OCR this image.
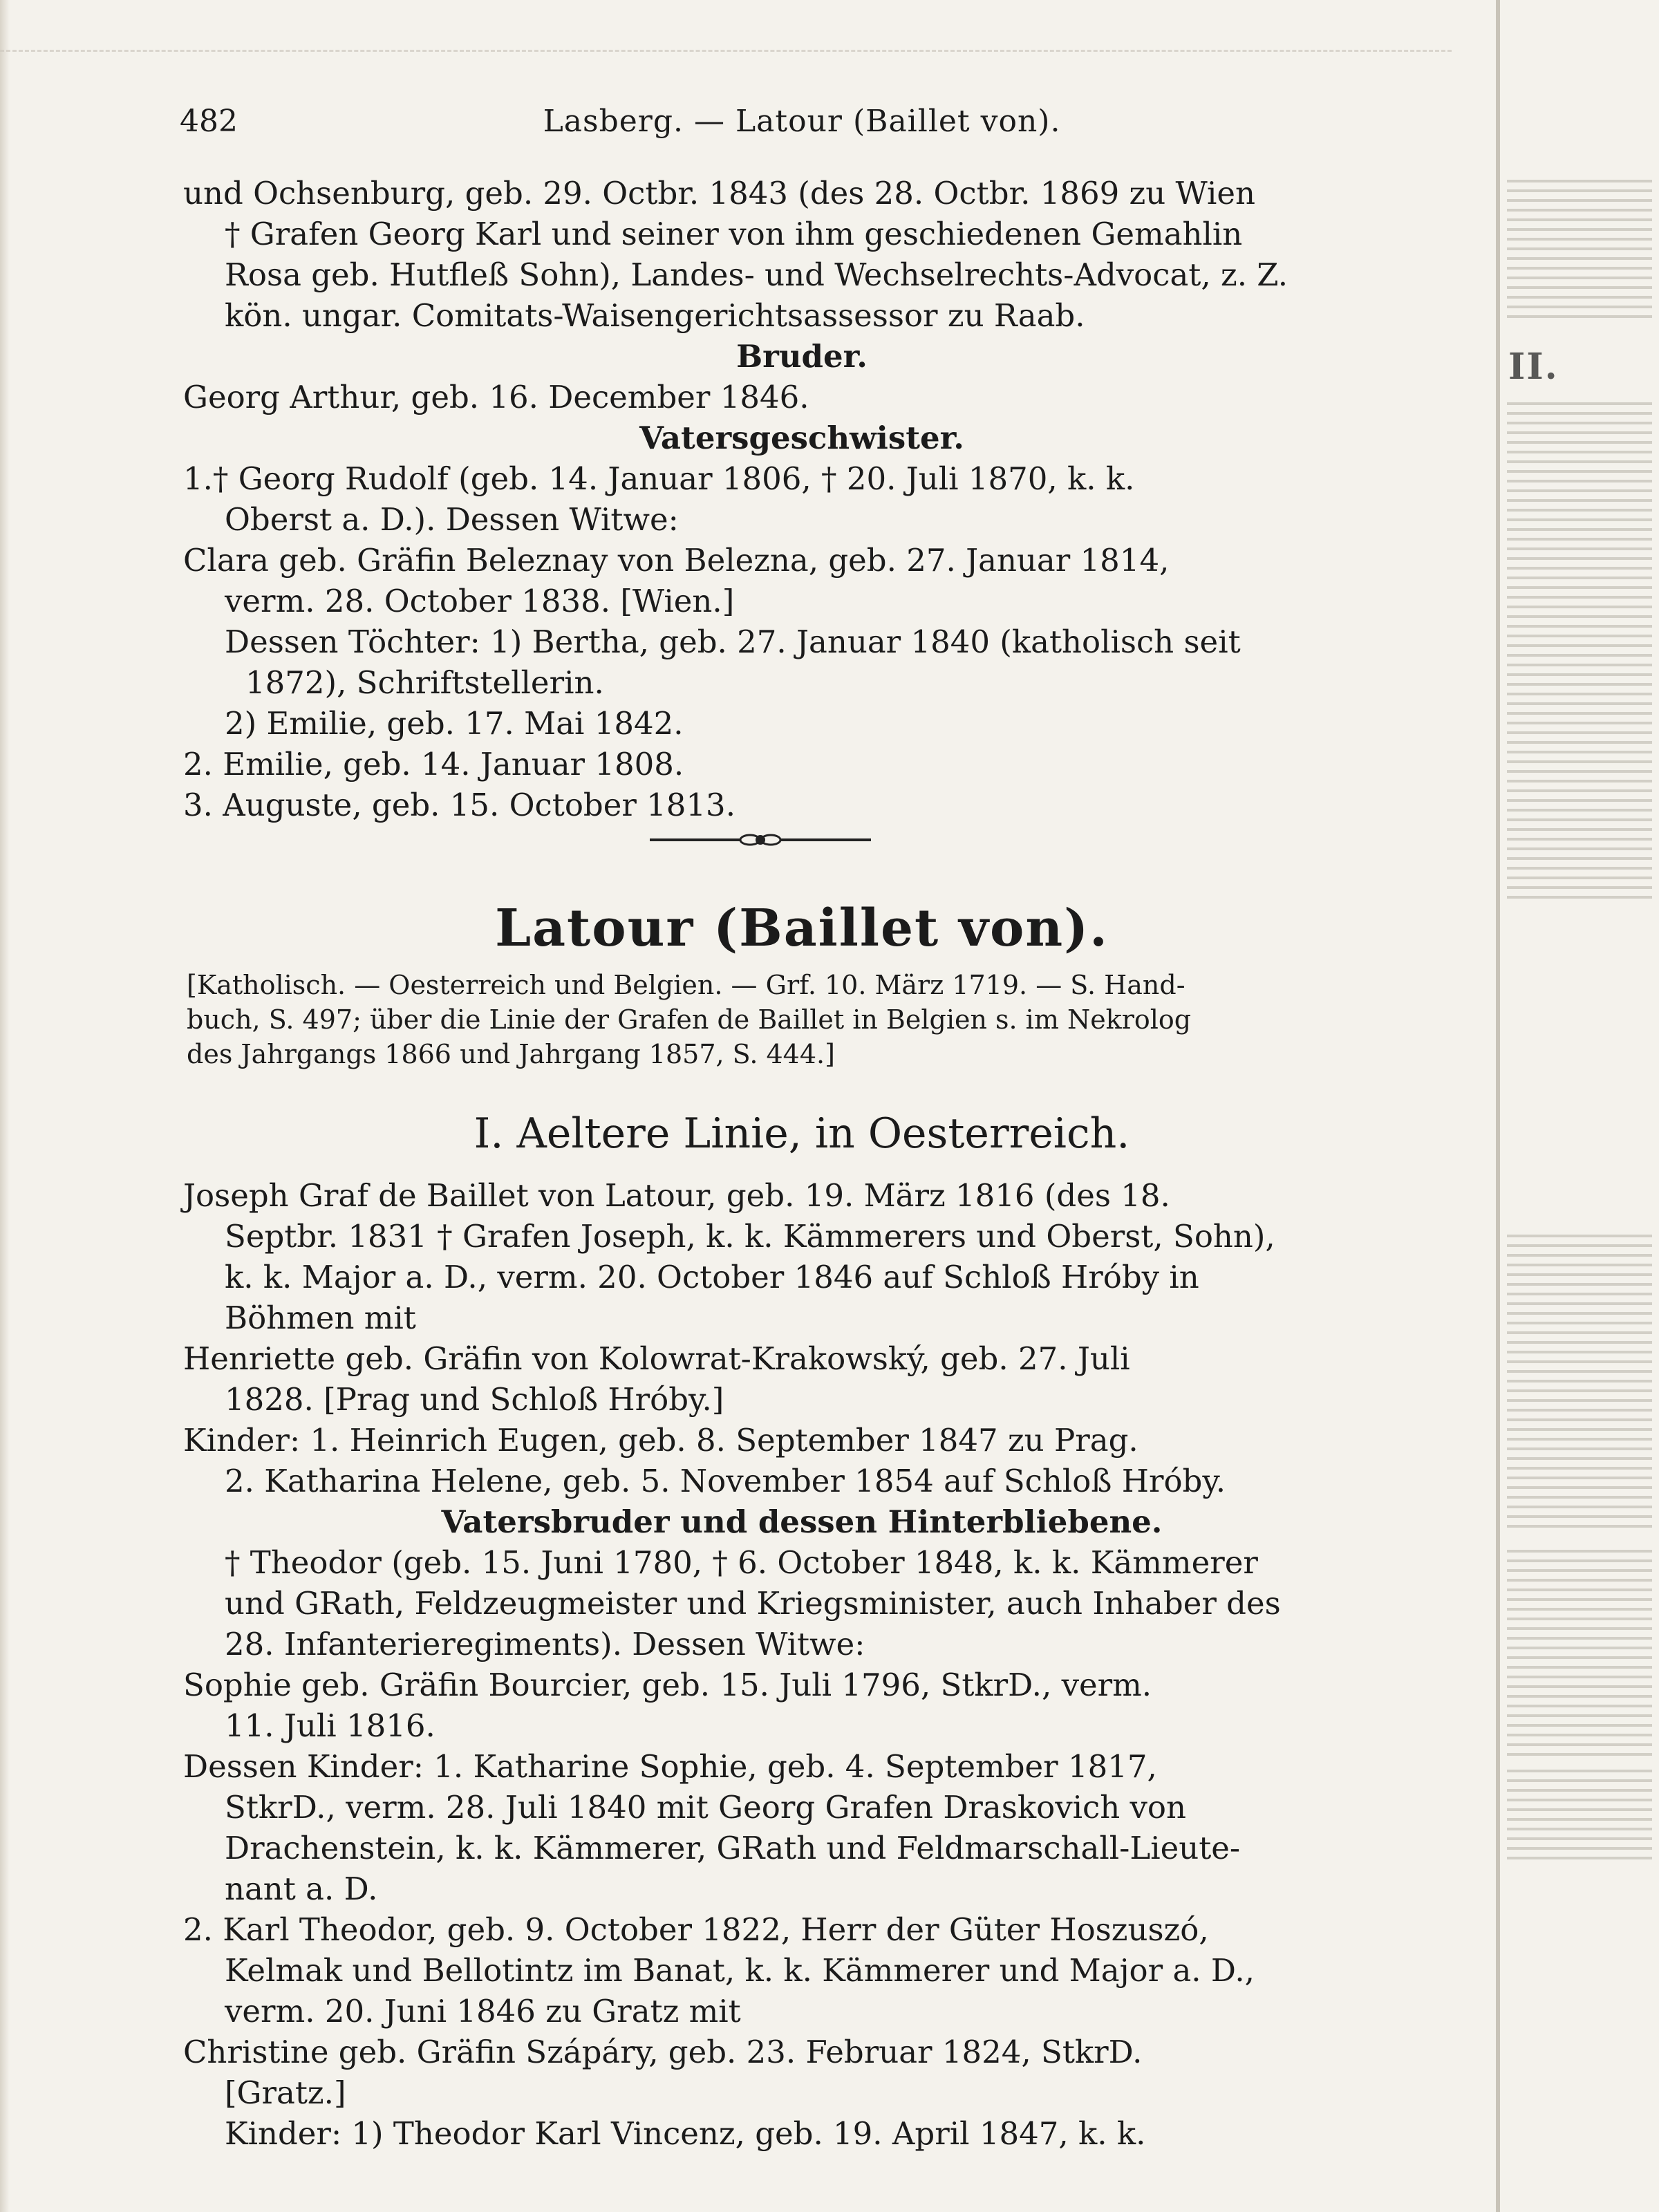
482	Lasberg. — Latour (Baillet von).
und Ochsenburg, geb. 29. Octbr. 1843 (des 28. Octbr. 1869 zu Wien
† Grafen Georg Karl und seiner von ihm geschiedenen Gemahlin
Rosa geb. Hutfleß Sohn), Landes- und Wechselrechts-Advocat, z. Z.
kön. ungar. Comitats-Waisengerichtsassessor zu Raab.
Bruder.
Georg Arthur, geb. 16. December 1846.
Vatersgeschwister.
1.† Georg Rudolf (geb. 14. Januar 1806, † 20. Juli 1870, k. k.
Oberst a. D.). Dessen Witwe:
Clara geb. Gräfin Beleznay von Belezna, geb. 27. Januar 1814,
verm. 28. October 1838. [Wien.]
Dessen Töchter: 1) Bertha, geb. 27. Januar 1840 (katholisch seit
1872), Schriftstellerin.
2) Emilie, geb. 17. Mai 1842.
2. Emilie, geb. 14. Januar 1808.
3. Auguste, geb. 15. October 1813.
Latour (Baillet von).
[Katholisch. — Oesterreich und Belgien. — Grf. 10. März 1719. — S. Hand-
buch, S. 497; über die Linie der Grafen de Baillet in Belgien s. im Nekrolog
des Jahrgangs 1866 und Jahrgang 1857, S. 444.]
I. Aeltere Linie, in Oesterreich.
Joseph Graf de Baillet von Latour, geb. 19. März 1816 (des 18.
Septbr. 1831 † Grafen Joseph, k. k. Kämmerers und Oberst, Sohn),
k. k. Major a. D., verm. 20. October 1846 auf Schloß Hróby in
Böhmen mit
Henriette geb. Gräfin von Kolowrat-Krakowský, geb. 27. Juli
1828. [Prag und Schloß Hróby.]
Kinder: 1. Heinrich Eugen, geb. 8. September 1847 zu Prag.
2. Katharina Helene, geb. 5. November 1854 auf Schloß Hróby.
Vatersbruder und dessen Hinterbliebene.
† Theodor (geb. 15. Juni 1780, † 6. October 1848, k. k. Kämmerer
und GRath, Feldzeugmeister und Kriegsminister, auch Inhaber des
28. Infanterieregiments). Dessen Witwe:
Sophie geb. Gräfin Bourcier, geb. 15. Juli 1796, StkrD., verm.
11. Juli 1816.
Dessen Kinder: 1. Katharine Sophie, geb. 4. September 1817,
StkrD., verm. 28. Juli 1840 mit Georg Grafen Draskovich von
Drachenstein, k. k. Kämmerer, GRath und Feldmarschall-Lieute-
nant a. D.
2. Karl Theodor, geb. 9. October 1822, Herr der Güter Hoszuszó,
Kelmak und Bellotintz im Banat, k. k. Kämmerer und Major a. D.,
verm. 20. Juni 1846 zu Gratz mit
Christine geb. Gräfin Szápáry, geb. 23. Februar 1824, StkrD.
[Gratz.]
Kinder: 1) Theodor Karl Vincenz, geb. 19. April 1847, k. k.
II.
